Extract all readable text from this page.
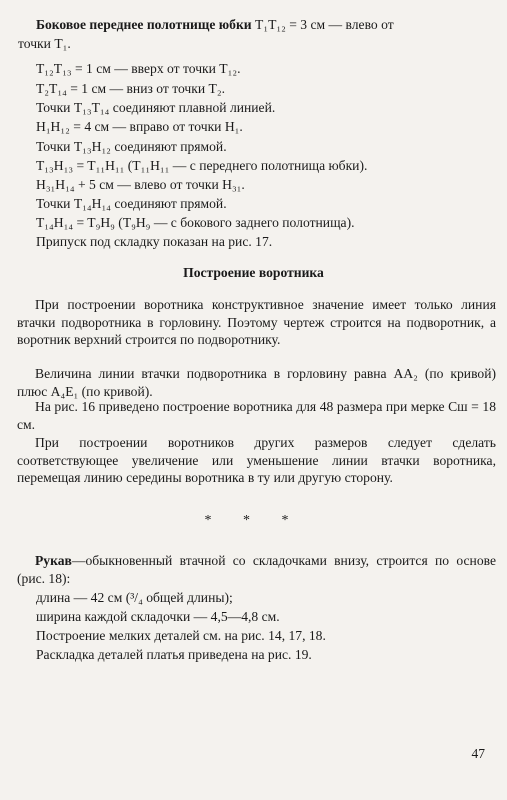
Боковое переднее полотнище юбки T₁T₁₂ = 3 см — влево от
точки T₁.
T₁₂T₁₃ = 1 см — вверх от точки T₁₂.
T₂T₁₄ = 1 см — вниз от точки T₂.
Точки T₁₃T₁₄ соединяют плавной линией.
H₁H₁₂ = 4 см — вправо от точки H₁.
Точки T₁₃H₁₂ соединяют прямой.
T₁₃H₁₃ = T₁₁H₁₁ (T₁₁H₁₁ — с переднего полотнища юбки).
H₃₁H₁₄ + 5 см — влево от точки H₃₁.
Точки T₁₄H₁₄ соединяют прямой.
T₁₄H₁₄ = T₉H₉ (T₉H₉ — с бокового заднего полотнища).
Припуск под складку показан на рис. 17.
Построение воротника

При построении воротника конструктивное значение имеет только линия втачки подворотника в горловину. Поэтому чертеж строится на подворотник, а воротник верхний строится по подворотнику.

Величина линии втачки подворотника в горловину равна AA₂ (по кривой) плюс A₄E₁ (по кривой).

На рис. 16 приведено построение воротника для 48 размера при мерке Cш = 18 см.

При построении воротников других размеров следует сделать соответствующее увеличение или уменьшение линии втачки воротника, перемещая линию середины воротника в ту или другую сторону.

* * *

Рукав—обыкновенный втачной со складочками внизу, строится по основе (рис. 18):

длина — 42 см (³/₄ общей длины);
ширина каждой складочки — 4,5—4,8 см.
Построение мелких деталей см. на рис. 14, 17, 18.
Раскладка деталей платья приведена на рис. 19.
47
